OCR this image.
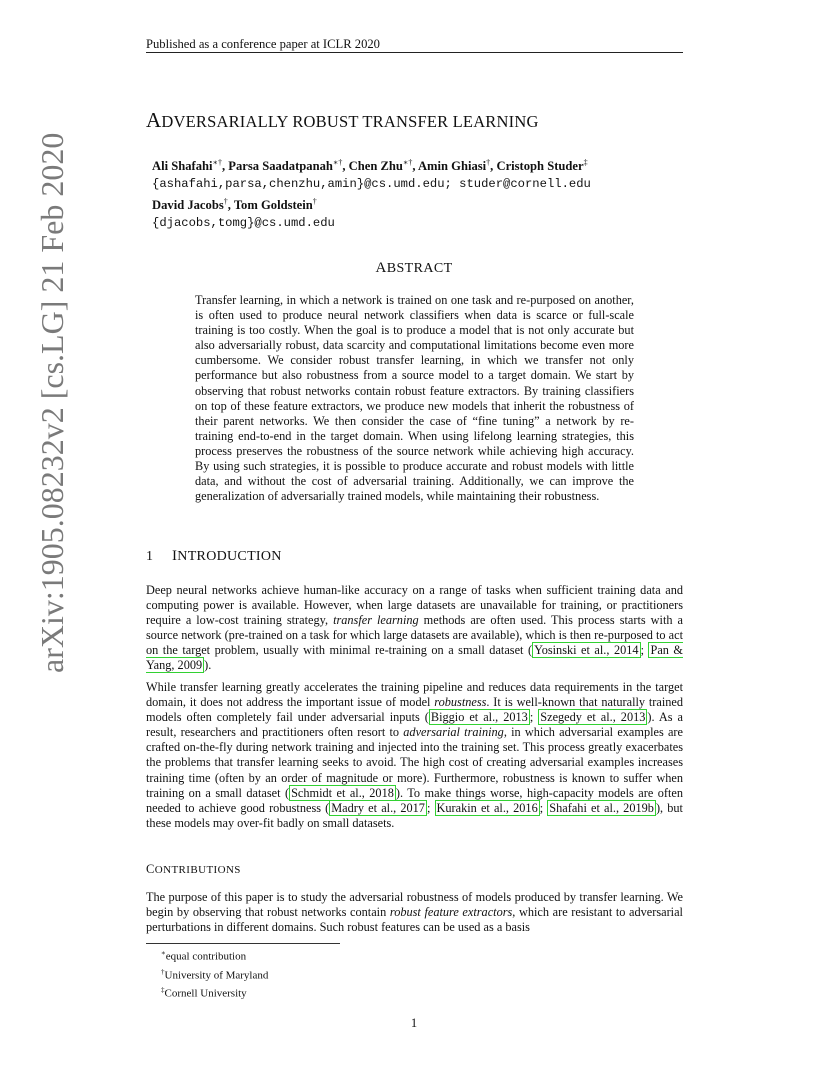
Published as a conference paper at ICLR 2020
arXiv:1905.08232v2 [cs.LG] 21 Feb 2020
ADVERSARIALLY ROBUST TRANSFER LEARNING
Ali Shafahi∗†, Parsa Saadatpanah∗†, Chen Zhu∗†, Amin Ghiasi†, Cristoph Studer‡
{ashafahi,parsa,chenzhu,amin}@cs.umd.edu; studer@cornell.edu
David Jacobs†, Tom Goldstein†
{djacobs,tomg}@cs.umd.edu
ABSTRACT

Transfer learning, in which a network is trained on one task and re-purposed on another, is often used to produce neural network classifiers when data is scarce or full-scale training is too costly. When the goal is to produce a model that is not only accurate but also adversarially robust, data scarcity and computational limitations become even more cumbersome. We consider robust transfer learning, in which we transfer not only performance but also robustness from a source model to a target domain. We start by observing that robust networks contain robust feature extractors. By training classifiers on top of these feature extractors, we produce new models that inherit the robustness of their parent networks. We then consider the case of “fine tuning” a network by re-training end-to-end in the target domain. When using lifelong learning strategies, this process preserves the robustness of the source network while achieving high accuracy. By using such strategies, it is possible to produce accurate and robust models with little data, and without the cost of adversarial training. Additionally, we can improve the generalization of adversarially trained models, while maintaining their robustness.

1 INTRODUCTION

Deep neural networks achieve human-like accuracy on a range of tasks when sufficient training data and computing power is available. However, when large datasets are unavailable for training, or practitioners require a low-cost training strategy, transfer learning methods are often used. This process starts with a source network (pre-trained on a task for which large datasets are available), which is then re-purposed to act on the target problem, usually with minimal re-training on a small dataset ( Yosinski et al., 2014 ; Pan & Yang, 2009 ).

While transfer learning greatly accelerates the training pipeline and reduces data requirements in the target domain, it does not address the important issue of model robustness. It is well-known that naturally trained models often completely fail under adversarial inputs ( Biggio et al., 2013 ; Szegedy et al., 2013 ). As a result, researchers and practitioners often resort to adversarial training, in which adversarial examples are crafted on-the-fly during network training and injected into the training set. This process greatly exacerbates the problems that transfer learning seeks to avoid. The high cost of creating adversarial examples increases training time (often by an order of magnitude or more). Furthermore, robustness is known to suffer when training on a small dataset ( Schmidt et al., 2018 ). To make things worse, high-capacity models are often needed to achieve good robustness ( Madry et al., 2017 ; Kurakin et al., 2016 ; Shafahi et al., 2019b ), but these models may over-fit badly on small datasets.

CONTRIBUTIONS

The purpose of this paper is to study the adversarial robustness of models produced by transfer learning. We begin by observing that robust networks contain robust feature extractors, which are resistant to adversarial perturbations in different domains. Such robust features can be used as a basis

∗equal contribution
†University of Maryland
‡Cornell University
1
